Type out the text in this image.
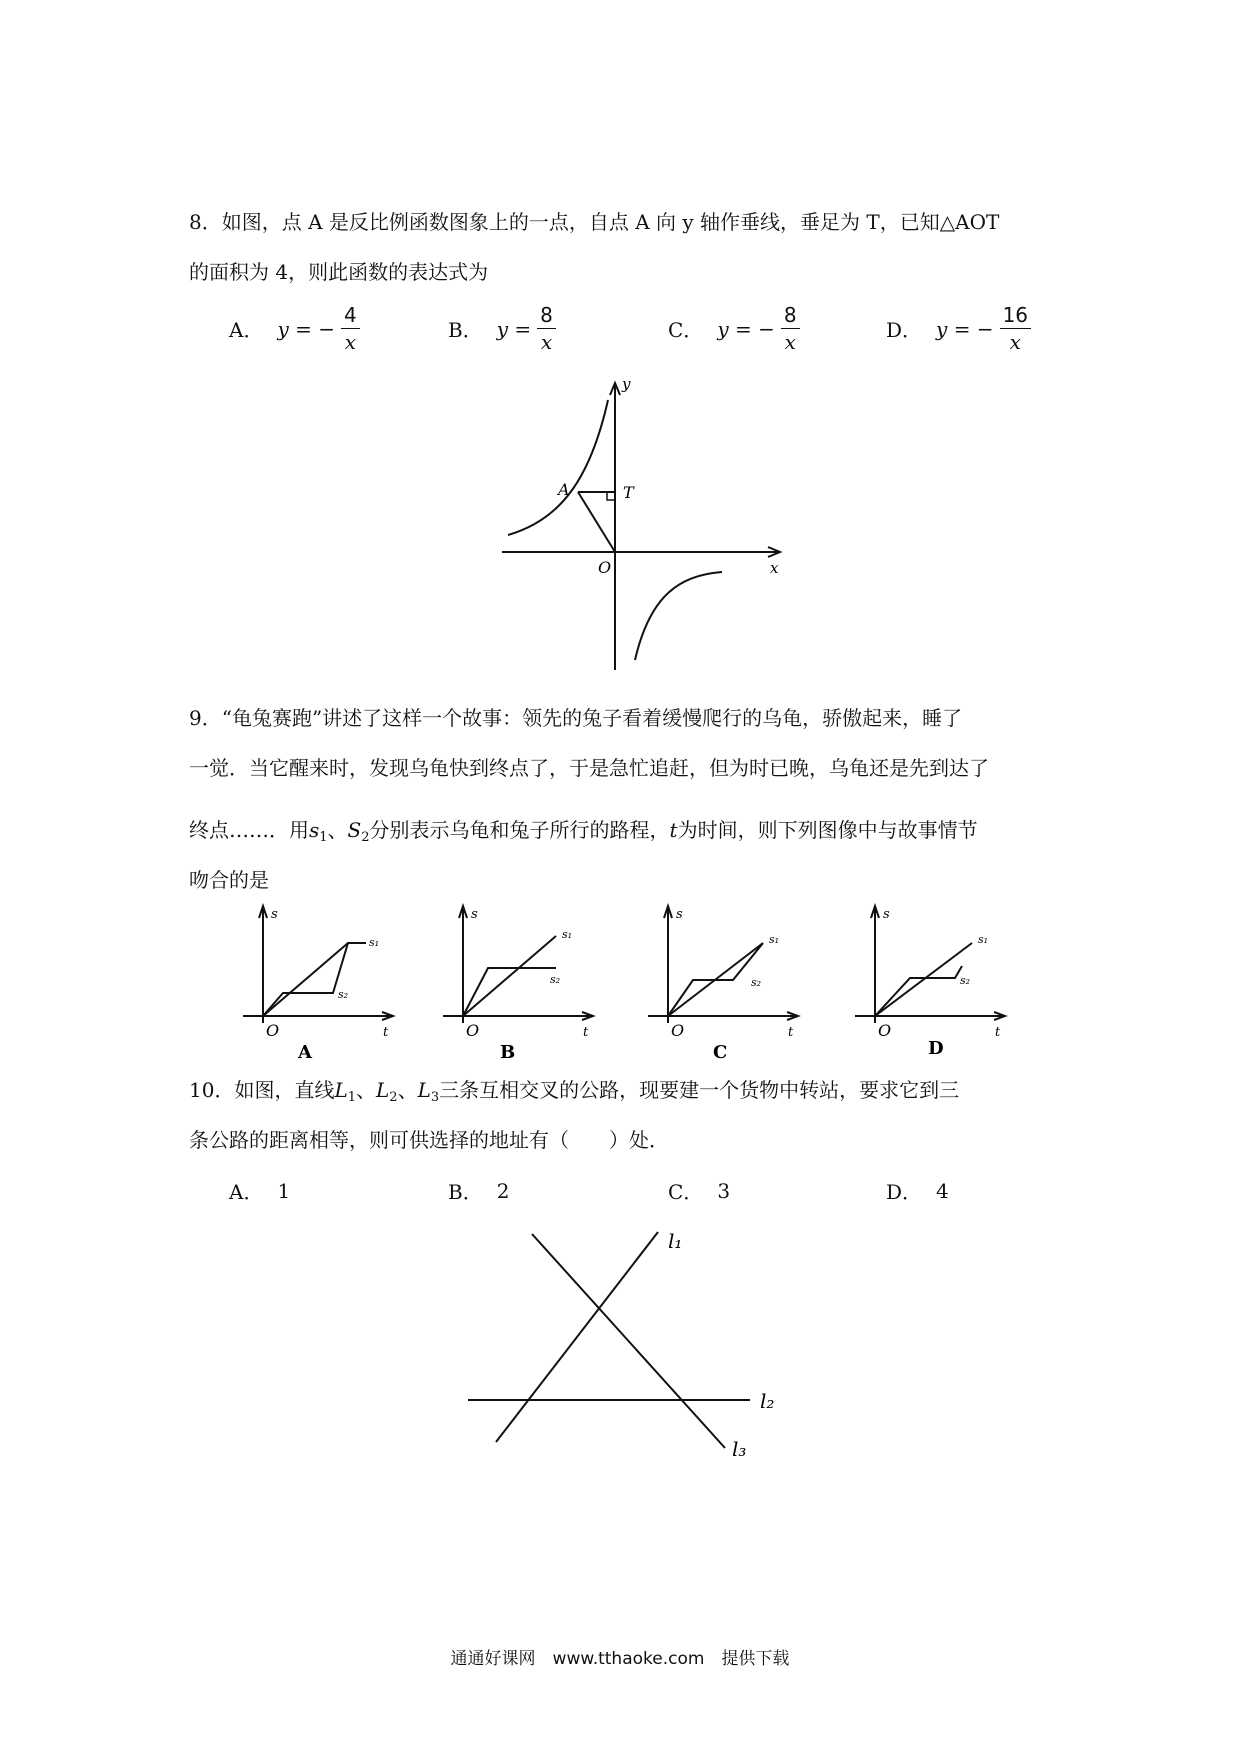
8．如图，点 A 是反比例函数图象上的一点，自点 A 向 y 轴作垂线，垂足为 T，已知△AOT
的面积为 4，则此函数的表达式为
A． y = − $\frac{4}{x}$	B． $y = \frac{8}{x}$	C． y = − $\frac{8}{x}$	D． y = − $\frac{16}{x}$
y
x
O
A	T
9．“龟兔赛跑”讲述了这样一个故事：领先的兔子看着缓慢爬行的乌龟，骄傲起来，睡了
一觉．当它醒来时，发现乌龟快到终点了，于是急忙追赶，但为时已晚，乌龟还是先到达了
终点……．用$s_1$、$S_2$分别表示乌龟和兔子所行的路程，t为时间，则下列图像中与故事情节
吻合的是
s
t
O
s₁
s₂
A
s
t
O
s₁
s₂
B
s
t
O
s₁
s₂
C
s
t
O
s₁
s₂
D
10．如图，直线$L_1$、$L_2$、$L_3$三条互相交叉的公路，现要建一个货物中转站，要求它到三
条公路的距离相等，则可供选择的地址有（　　）处．
A． 1	B． 2	C． 3	D． 4
l₁
l₂
l₃
通通好课网　www.tthaoke.com　提供下载
